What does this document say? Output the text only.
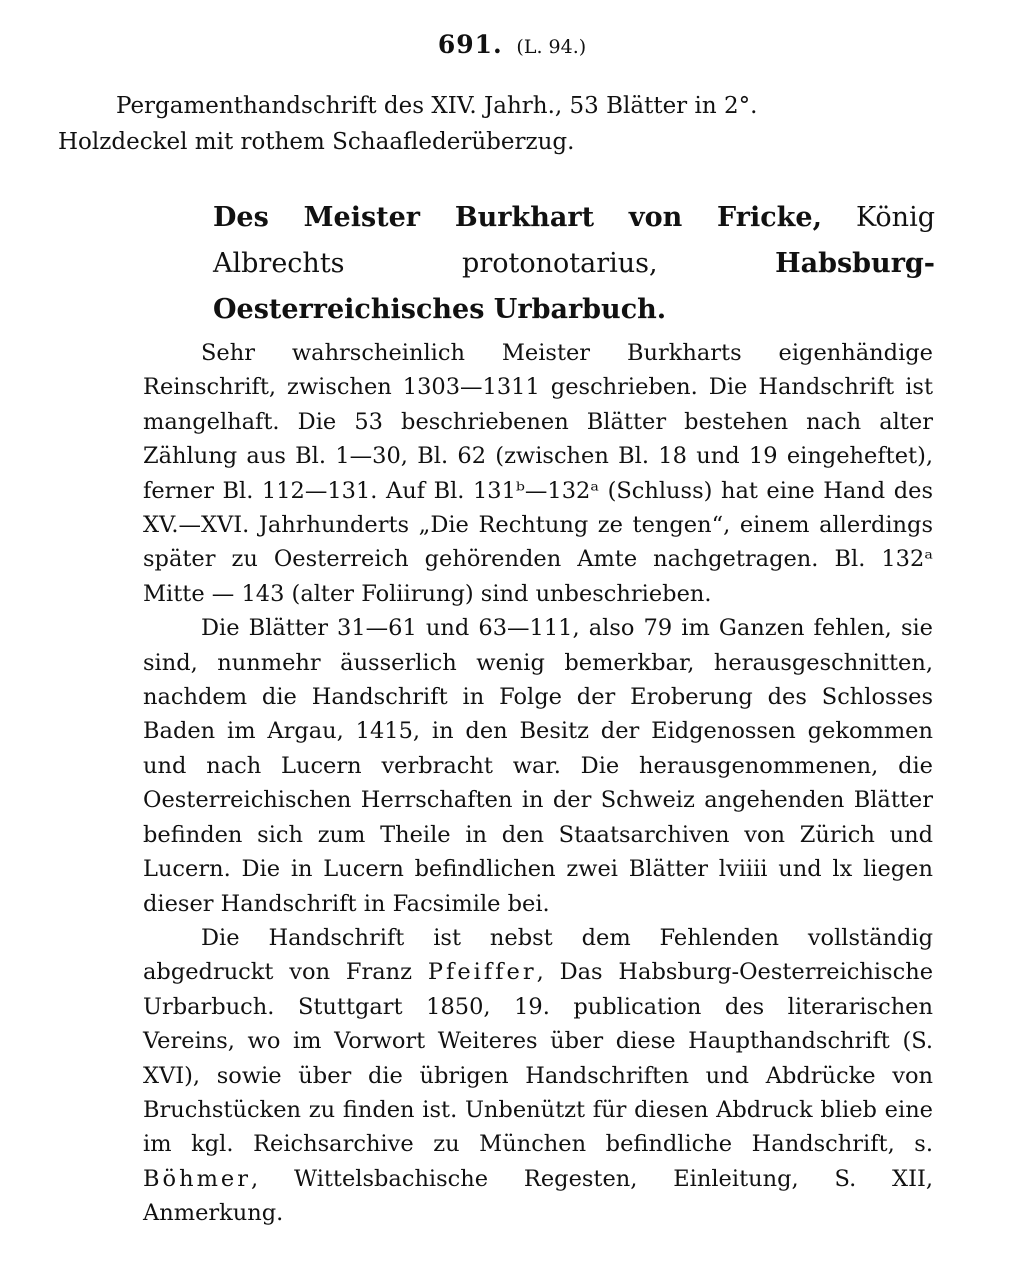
691. (L. 94.)
Pergamenthandschrift des XIV. Jahrh., 53 Blätter in 2°.
Holzdeckel mit rothem Schaaflederüberzug.
Des Meister Burkhart von Fricke, König Albrechts protonotarius, Habsburg-Oesterreichisches Urbarbuch.

Sehr wahrscheinlich Meister Burkharts eigenhändige Reinschrift, zwischen 1303—1311 geschrieben. Die Handschrift ist mangelhaft. Die 53 beschriebenen Blätter bestehen nach alter Zählung aus Bl. 1—30, Bl. 62 (zwischen Bl. 18 und 19 eingeheftet), ferner Bl. 112—131. Auf Bl. 131ᵇ—132ᵃ (Schluss) hat eine Hand des XV.—XVI. Jahrhunderts „Die Rechtung ze tengen“, einem allerdings später zu Oesterreich gehörenden Amte nachgetragen. Bl. 132ᵃ Mitte — 143 (alter Foliirung) sind unbeschrieben.

Die Blätter 31—61 und 63—111, also 79 im Ganzen fehlen, sie sind, nunmehr äusserlich wenig bemerkbar, herausgeschnitten, nachdem die Handschrift in Folge der Eroberung des Schlosses Baden im Argau, 1415, in den Besitz der Eidgenossen gekommen und nach Lucern verbracht war. Die herausgenommenen, die Oesterreichischen Herrschaften in der Schweiz angehenden Blätter befinden sich zum Theile in den Staatsarchiven von Zürich und Lucern. Die in Lucern befindlichen zwei Blätter lviiii und lx liegen dieser Handschrift in Facsimile bei.

Die Handschrift ist nebst dem Fehlenden vollständig abgedruckt von Franz Pfeiffer, Das Habsburg-Oesterreichische Urbarbuch. Stuttgart 1850, 19. publication des literarischen Vereins, wo im Vorwort Weiteres über diese Haupthandschrift (S. XVI), sowie über die übrigen Handschriften und Abdrücke von Bruchstücken zu finden ist. Unbenützt für diesen Abdruck blieb eine im kgl. Reichsarchive zu München befindliche Handschrift, s. Böhmer, Wittelsbachische Regesten, Einleitung, S. XII, Anmerkung.
